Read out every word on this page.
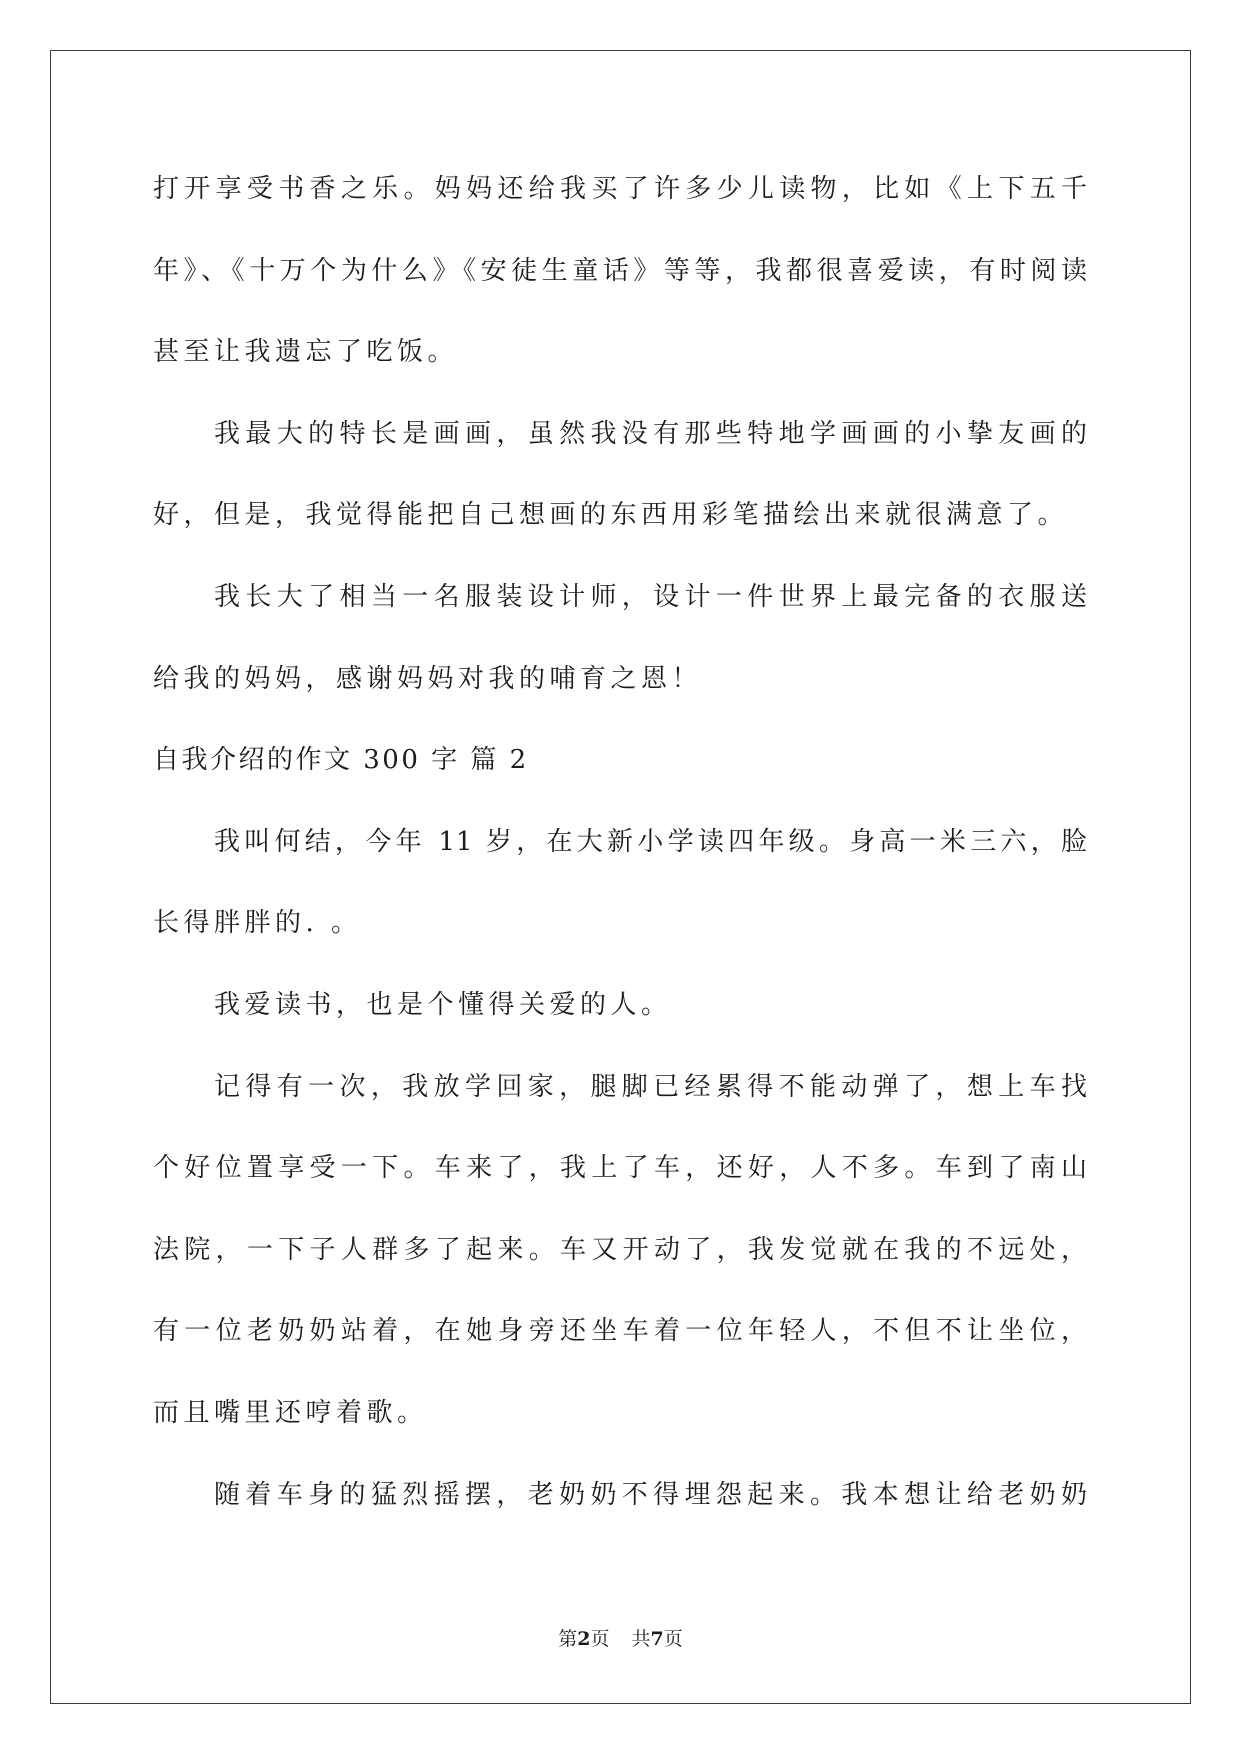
打开享受书香之乐。妈妈还给我买了许多少儿读物，比如《上下五千
年》、《十万个为什么》《安徒生童话》等等，我都很喜爱读，有时阅读
甚至让我遗忘了吃饭。
我最大的特长是画画，虽然我没有那些特地学画画的小挚友画的
好，但是，我觉得能把自己想画的东西用彩笔描绘出来就很满意了。
我长大了相当一名服装设计师，设计一件世界上最完备的衣服送
给我的妈妈，感谢妈妈对我的哺育之恩！
自我介绍的作文 300 字 篇 2
我叫何结，今年 11 岁，在大新小学读四年级。身高一米三六，脸
长得胖胖的. 。
我爱读书，也是个懂得关爱的人。
记得有一次，我放学回家，腿脚已经累得不能动弹了，想上车找
个好位置享受一下。车来了，我上了车，还好，人不多。车到了南山
法院，一下子人群多了起来。车又开动了，我发觉就在我的不远处，
有一位老奶奶站着，在她身旁还坐车着一位年轻人，不但不让坐位，
而且嘴里还哼着歌。
随着车身的猛烈摇摆，老奶奶不得埋怨起来。我本想让给老奶奶
第2页 共7页
